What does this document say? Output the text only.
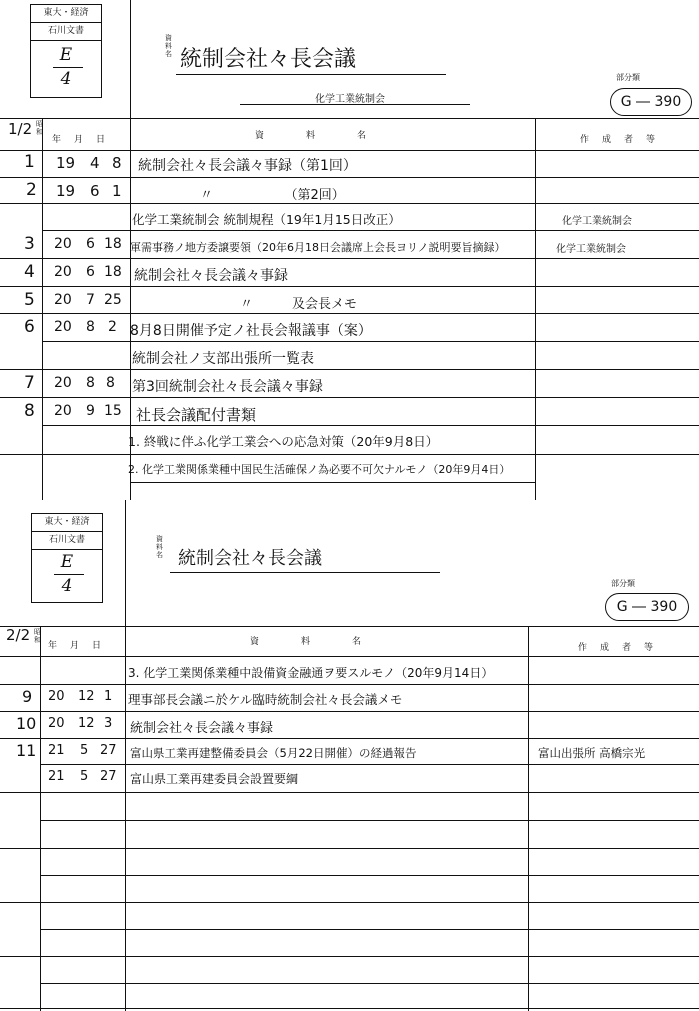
東大・経済
石川文書
E
4
資料名 統制会社々長会議
化学工業統制会
部分類
G ― 390
1/2 昭和
年　月　日	資　　料　　名	作　成　者　等
1 19 4 8 統制会社々長会議々事録（第1回）
2 19 6 1	〃　　　　　　（第2回）
化学工業統制会 統制規程（19年1月15日改正）	化学工業統制会
3 20 6 18 軍需事務ノ地方委譲要領（20年6月18日会議席上会長ヨリノ説明要旨摘録）	化学工業統制会
4 20 6 18 統制会社々長会議々事録
5 20 7 25	〃　　　及会長メモ
6 20 8 2 8月8日開催予定ノ社長会報議事（案）
統制会社ノ支部出張所一覧表
7 20 8 8 第3回統制会社々長会議々事録
8 20 9 15 社長会議配付書類
1. 終戦に伴ふ化学工業会への応急対策（20年9月8日）
2. 化学工業関係業種中国民生活確保ノ為必要不可欠ナルモノ（20年9月4日）
東大・経済
石川文書
E
4
資料名 統制会社々長会議
部分類
G ― 390
2/2 昭和
年　月　日	資　　料　　名
作　成　者　等
3. 化学工業関係業種中設備資金融通ヲ要スルモノ（20年9月14日）
9 20 12 1 理事部長会議ニ於ケル臨時統制会社々長会議メモ
10 20 12 3 統制会社々長会議々事録
11 21 5 27 富山県工業再建整備委員会（5月22日開催）の経過報告	富山出張所 高橋宗光
21 5 27 富山県工業再建委員会設置要綱
